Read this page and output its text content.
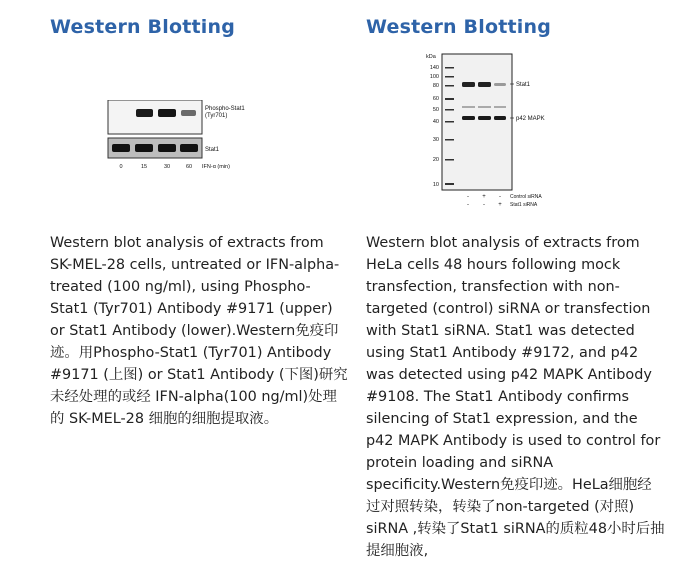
Western Blotting
Phospho-Stat1
(Tyr701)
Stat1
0	15	30	60 IFN-α (min)

Western blot analysis of extracts from SK-MEL-28 cells, untreated or IFN-alpha-treated (100 ng/ml), using Phospho-Stat1 (Tyr701) Antibody #9171 (upper) or Stat1 Antibody (lower).Western免疫印迹。用Phospho-Stat1 (Tyr701) Antibody #9171 (上图) or Stat1 Antibody (下图)研究未经处理的或经 IFN-alpha(100 ng/ml)处理的 SK-MEL-28 细胞的细胞提取液。

Western Blotting
kDa
140
100
80
60
50
40
30
20
10
Stat1
p42 MAPK
- + - Control siRNA
- - + Stat1 siRNA

Western blot analysis of extracts from HeLa cells 48 hours following mock transfection, transfection with non-targeted (control) siRNA or transfection with Stat1 siRNA. Stat1 was detected using Stat1 Antibody #9172, and p42 was detected using p42 MAPK Antibody #9108. The Stat1 Antibody confirms silencing of Stat1 expression, and the p42 MAPK Antibody is used to control for protein loading and siRNA specificity.Western免疫印迹。HeLa细胞经过对照转染，转染了non-targeted (对照) siRNA ,转染了Stat1 siRNA的质粒48小时后抽提细胞液,
